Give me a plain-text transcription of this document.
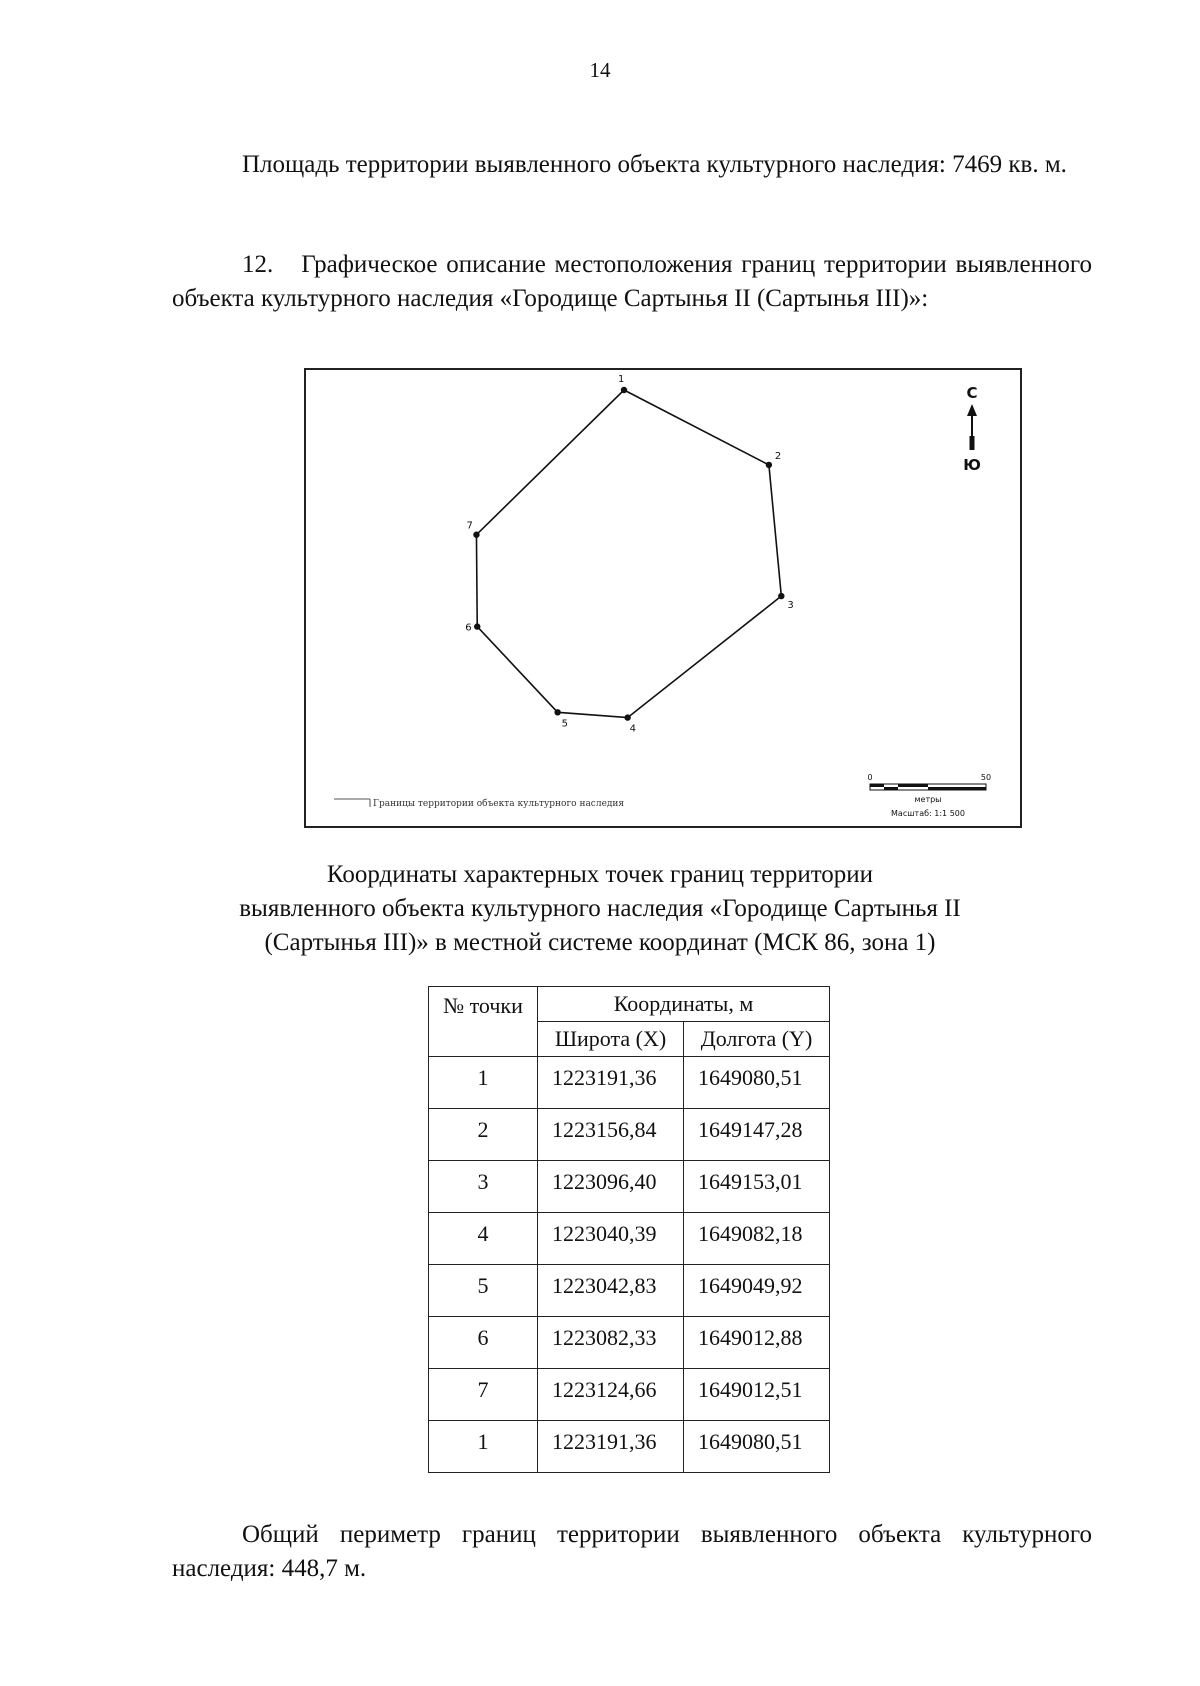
14
Площадь территории выявленного объекта культурного наследия: 7469 кв. м.
12. Графическое описание местоположения границ территории выявленного объекта культурного наследия «Городище Сартынья II (Сартынья III)»:
1
2
3
4
5
6
7
С
Ю
Границы территории объекта культурного наследия
0	50
метры
Масштаб: 1:1 500
Координаты характерных точек границ территории
выявленного объекта культурного наследия «Городище Сартынья II
(Сартынья III)» в местной системе координат (МСК 86, зона 1)
№ точки	Координаты, м	
	Широта (X)	Долгота (Y)
1	1223191,36	1649080,51
2	1223156,84	1649147,28
3	1223096,40	1649153,01
4	1223040,39	1649082,18
5	1223042,83	1649049,92
6	1223082,33	1649012,88
7	1223124,66	1649012,51
1	1223191,36	1649080,51
Общий периметр границ территории выявленного объекта культурного наследия: 448,7 м.
